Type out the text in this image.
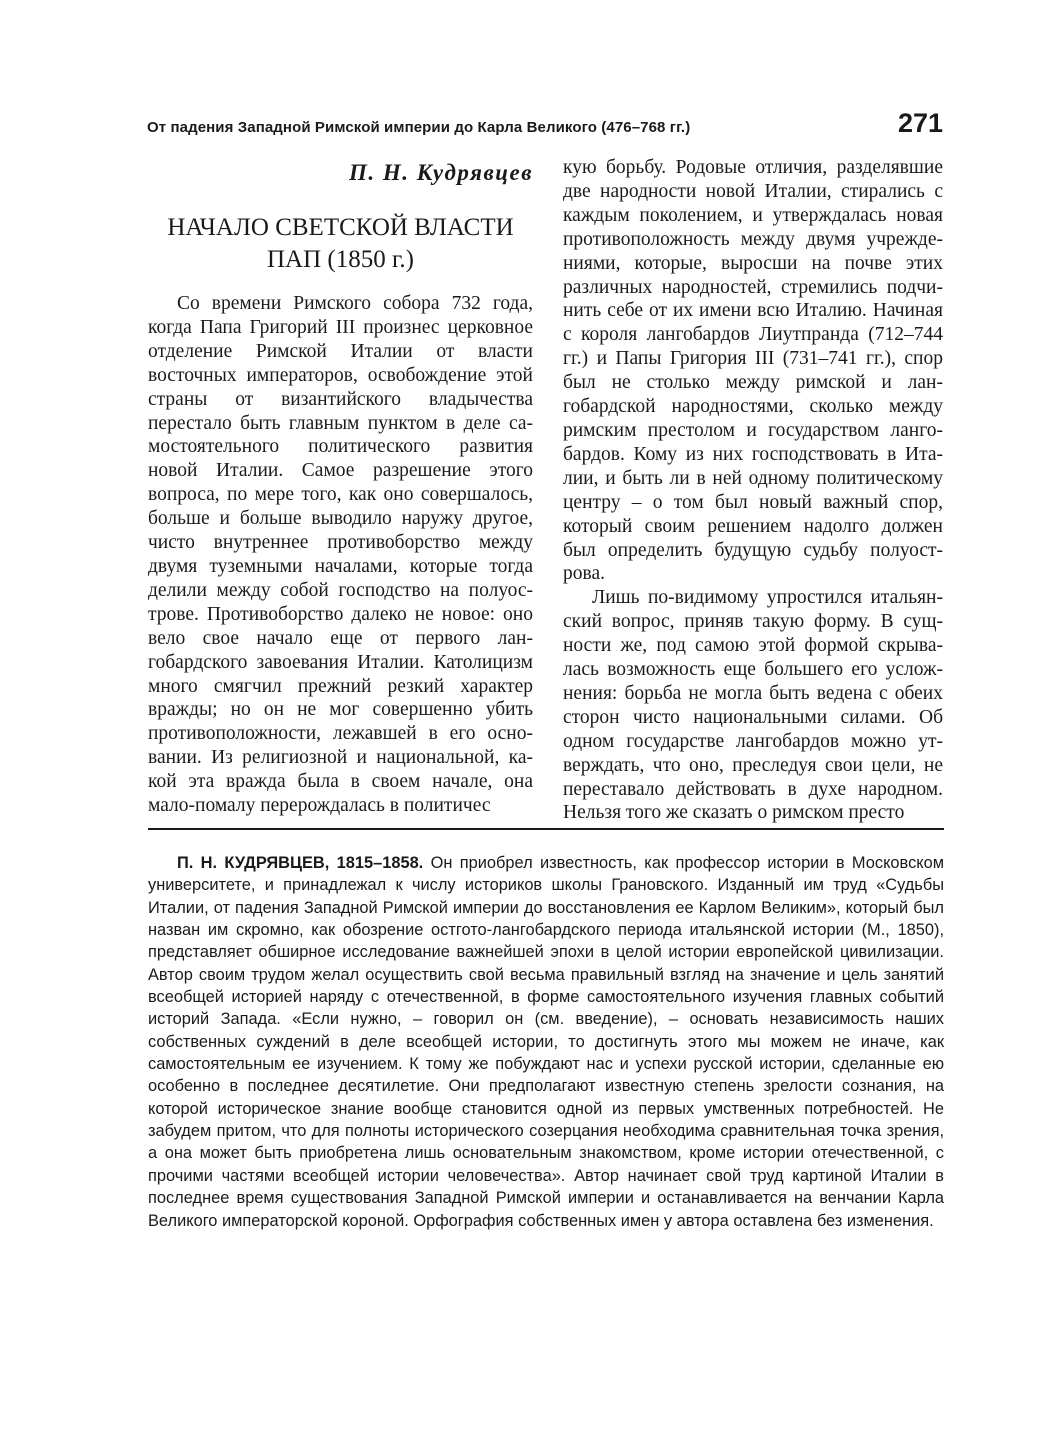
От падения Западной Римской империи до Карла Великого (476–768 гг.)	271
П. Н. Кудрявцев
НАЧАЛО СВЕТСКОЙ ВЛАСТИ
ПАП (1850 г.)

Со времени Римского собора 732 года, когда Папа Григорий III произнес церковное отделение Римской Италии от власти восточных императоров, освобождение этой страны от византийского владычества перестало быть главным пунктом в деле самостоятельного политического развития новой Италии. Самое разрешение этого вопроса, по мере того, как оно совершалось, больше и больше выводило наружу другое, чисто внутреннее противоборство между двумя туземными началами, которые тогда делили между собой господство на полуострове. Противоборство далеко не новое: оно вело свое начало еще от первого лангобардского завоевания Италии. Католицизм много смягчил прежний резкий характер вражды; но он не мог совершенно убить противоположности, лежавшей в его основании. Из религиозной и национальной, какой эта вражда была в своем начале, она мало-помалу перерождалась в политичес

кую борьбу. Родовые отличия, разделявшие две народности новой Италии, стирались с каждым поколением, и утверждалась новая противоположность между двумя учреждениями, которые, выросши на почве этих различных народностей, стремились подчинить себе от их имени всю Италию. Начиная с короля лангобардов Лиутпранда (712–744 гг.) и Папы Григория III (731–741 гг.), спор был не столько между римской и лангобардской народностями, сколько между римским престолом и государством лангобардов. Кому из них господствовать в Италии, и быть ли в ней одному политическому центру – о том был новый важный спор, который своим решением надолго должен был определить будущую судьбу полуострова.

Лишь по-видимому упростился итальянский вопрос, приняв такую форму. В сущности же, под самою этой формой скрывалась возможность еще большего его усложнения: борьба не могла быть ведена с обеих сторон чисто национальными силами. Об одном государстве лангобардов можно утверждать, что оно, преследуя свои цели, не переставало действовать в духе народном. Нельзя того же сказать о римском престо

П. Н. КУДРЯВЦЕВ, 1815–1858. Он приобрел известность, как профессор истории в Московском университете, и принадлежал к числу историков школы Грановского. Изданный им труд «Судьбы Италии, от падения Западной Римской империи до восстановления ее Карлом Великим», который был назван им скромно, как обозрение остгото-лангобардского периода итальянской истории (М., 1850), представляет обширное исследование важнейшей эпохи в целой истории европейской цивилизации. Автор своим трудом желал осуществить свой весьма правильный взгляд на значение и цель занятий всеобщей историей наряду с отечественной, в форме самостоятельного изучения главных событий историй Запада. «Если нужно, – говорил он (см. введение), – основать независимость наших собственных суждений в деле всеобщей истории, то достигнуть этого мы можем не иначе, как самостоятельным ее изучением. К тому же побуждают нас и успехи русской истории, сделанные ею особенно в последнее десятилетие. Они предполагают известную степень зрелости сознания, на которой историческое знание вообще становится одной из первых умственных потребностей. Не забудем притом, что для полноты исторического созерцания необходима сравнительная точка зрения, а она может быть приобретена лишь основательным знакомством, кроме истории отечественной, с прочими частями всеобщей истории человечества». Автор начинает свой труд картиной Италии в последнее время существования Западной Римской империи и останавливается на венчании Карла Великого императорской короной. Орфография собственных имен у автора оставлена без изменения.
